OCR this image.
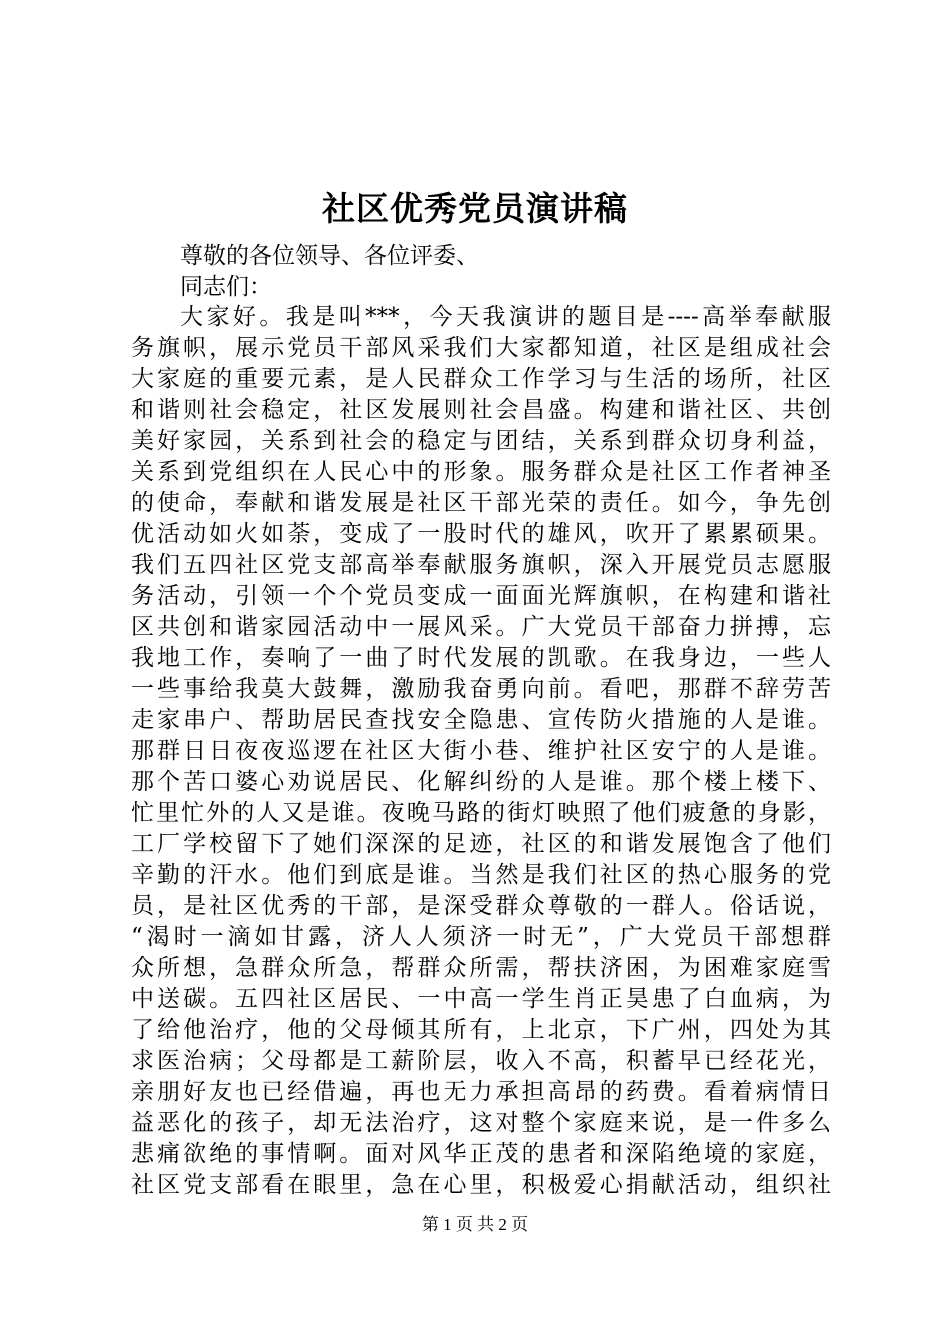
社区优秀党员演讲稿
尊敬的各位领导、各位评委、
同志们：
大家好。我是叫***，今天我演讲的题目是----高举奉献服
务旗帜，展示党员干部风采我们大家都知道，社区是组成社会
大家庭的重要元素，是人民群众工作学习与生活的场所，社区
和谐则社会稳定，社区发展则社会昌盛。构建和谐社区、共创
美好家园，关系到社会的稳定与团结，关系到群众切身利益，
关系到党组织在人民心中的形象。服务群众是社区工作者神圣
的使命，奉献和谐发展是社区干部光荣的责任。如今，争先创
优活动如火如荼，变成了一股时代的雄风，吹开了累累硕果。
我们五四社区党支部高举奉献服务旗帜，深入开展党员志愿服
务活动，引领一个个党员变成一面面光辉旗帜，在构建和谐社
区共创和谐家园活动中一展风采。广大党员干部奋力拼搏，忘
我地工作，奏响了一曲了时代发展的凯歌。在我身边，一些人
一些事给我莫大鼓舞，激励我奋勇向前。看吧，那群不辞劳苦
走家串户、帮助居民查找安全隐患、宣传防火措施的人是谁。
那群日日夜夜巡逻在社区大街小巷、维护社区安宁的人是谁。
那个苦口婆心劝说居民、化解纠纷的人是谁。那个楼上楼下、
忙里忙外的人又是谁。夜晚马路的街灯映照了他们疲惫的身影，
工厂学校留下了她们深深的足迹，社区的和谐发展饱含了他们
辛勤的汗水。他们到底是谁。当然是我们社区的热心服务的党
员，是社区优秀的干部，是深受群众尊敬的一群人。俗话说，
“渴时一滴如甘露，济人人须济一时无”，广大党员干部想群
众所想，急群众所急，帮群众所需，帮扶济困，为困难家庭雪
中送碳。五四社区居民、一中高一学生肖正昊患了白血病，为
了给他治疗，他的父母倾其所有，上北京，下广州，四处为其
求医治病；父母都是工薪阶层，收入不高，积蓄早已经花光，
亲朋好友也已经借遍，再也无力承担高昂的药费。看着病情日
益恶化的孩子，却无法治疗，这对整个家庭来说，是一件多么
悲痛欲绝的事情啊。面对风华正茂的患者和深陷绝境的家庭，
社区党支部看在眼里，急在心里，积极爱心捐献活动，组织社
第 1 页 共 2 页
